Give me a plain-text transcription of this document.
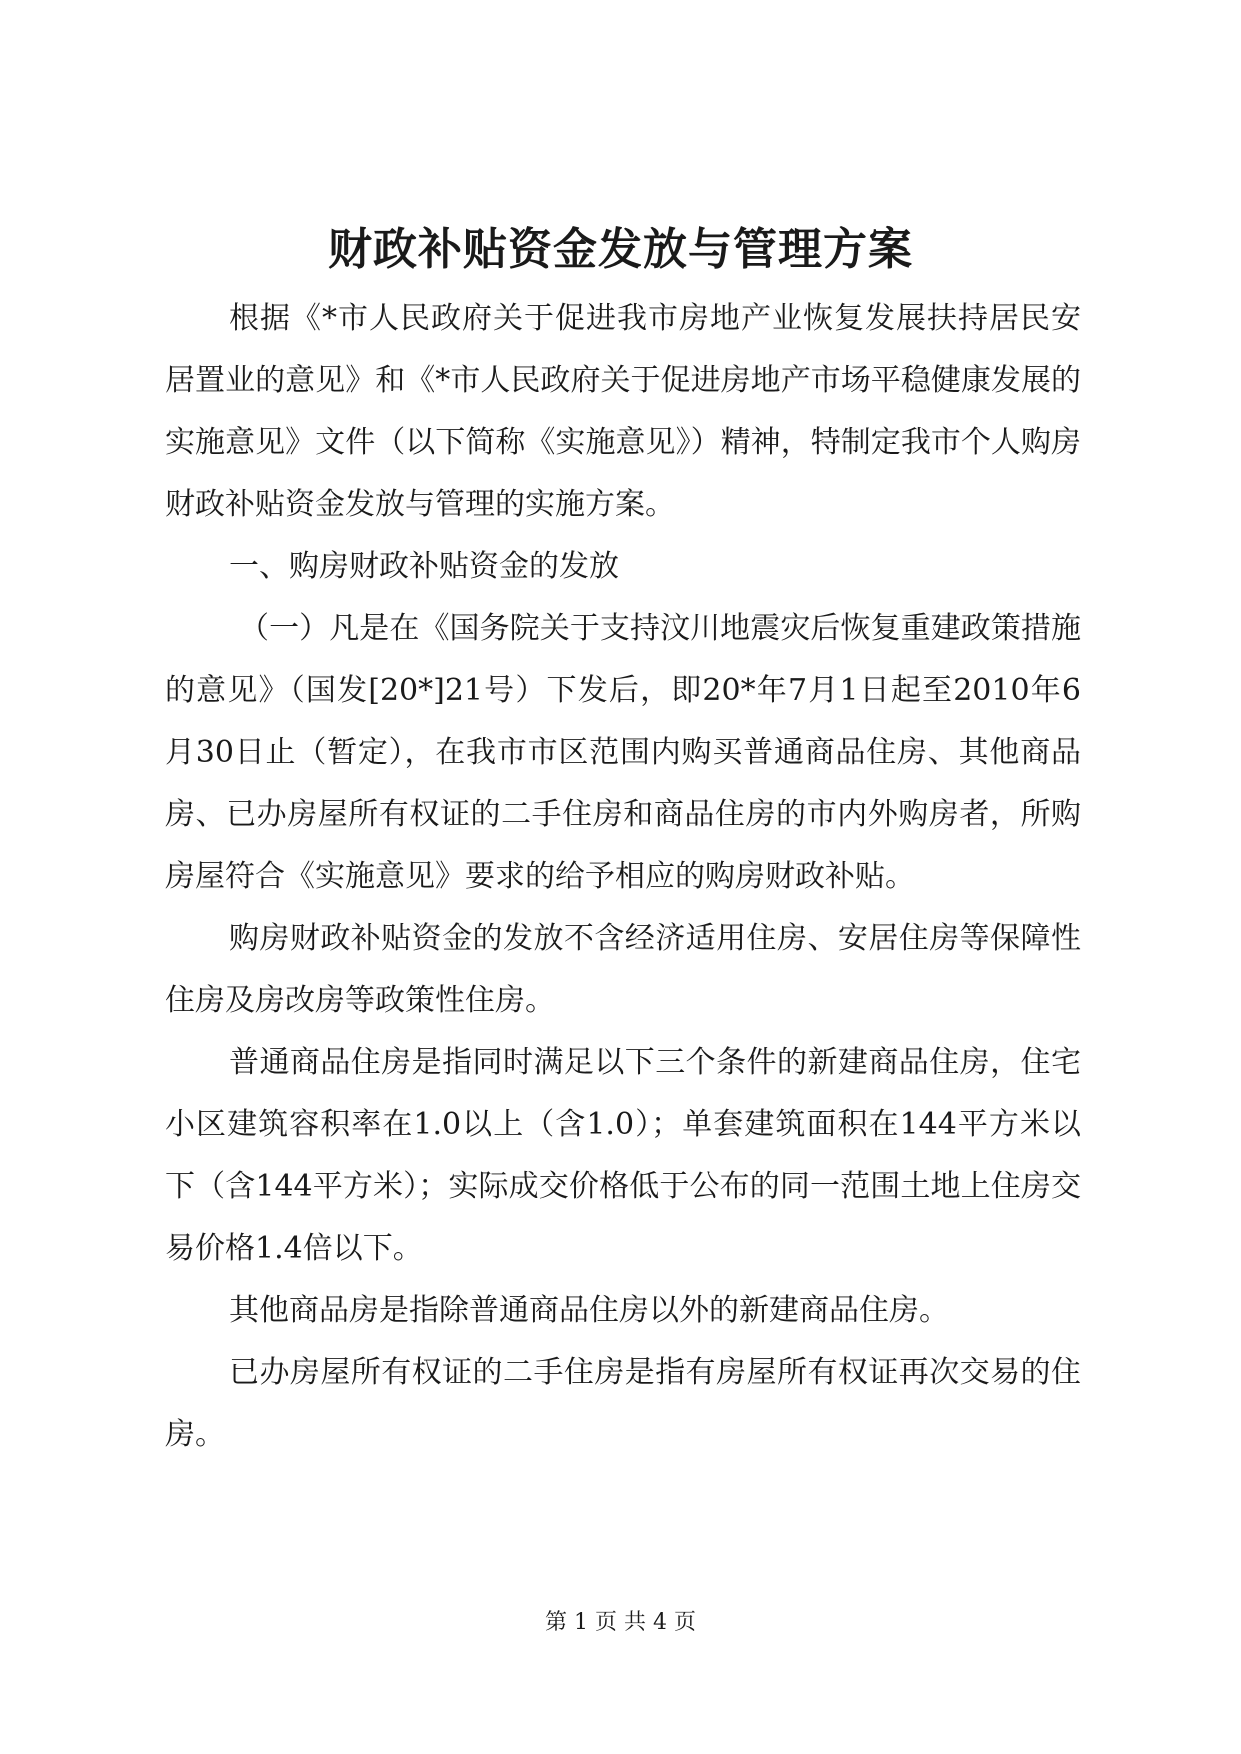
财政补贴资金发放与管理方案

根据《*市人民政府关于促进我市房地产业恢复发展扶持居民安居置业的意见》和《*市人民政府关于促进房地产市场平稳健康发展的实施意见》文件（以下简称《实施意见》）精神，特制定我市个人购房财政补贴资金发放与管理的实施方案。

一、购房财政补贴资金的发放

（一）凡是在《国务院关于支持汶川地震灾后恢复重建政策措施的意见》（国发[20*]21号）下发后，即20*年7月1日起至2010年6月30日止（暂定），在我市市区范围内购买普通商品住房、其他商品房、已办房屋所有权证的二手住房和商品住房的市内外购房者，所购房屋符合《实施意见》要求的给予相应的购房财政补贴。

购房财政补贴资金的发放不含经济适用住房、安居住房等保障性住房及房改房等政策性住房。

普通商品住房是指同时满足以下三个条件的新建商品住房，住宅小区建筑容积率在1.0以上（含1.0）；单套建筑面积在144平方米以下（含144平方米）；实际成交价格低于公布的同一范围土地上住房交易价格1.4倍以下。

其他商品房是指除普通商品住房以外的新建商品住房。

已办房屋所有权证的二手住房是指有房屋所有权证再次交易的住房。

第 1 页 共 4 页
